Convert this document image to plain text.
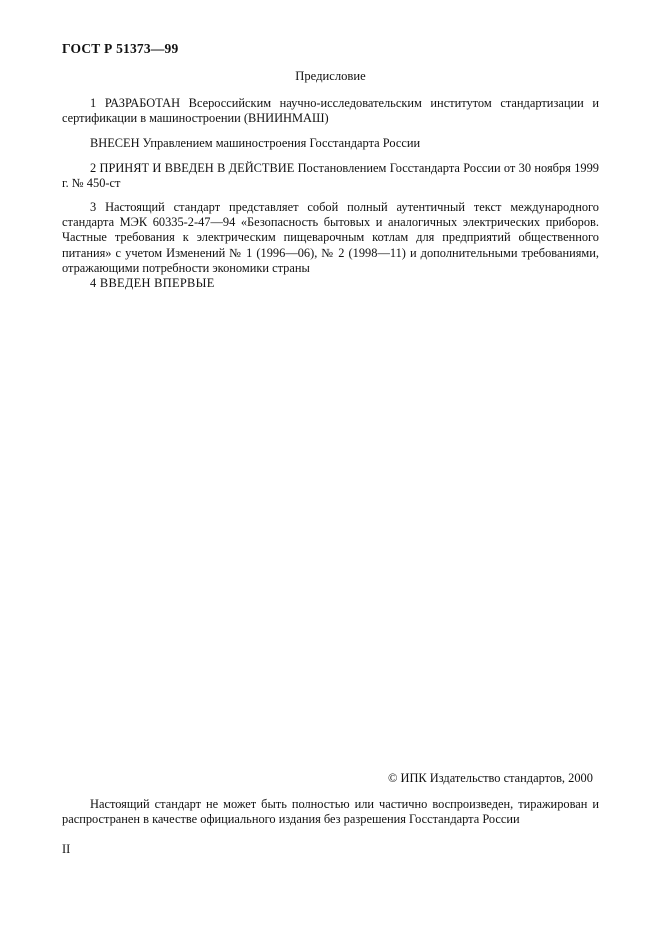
ГОСТ Р 51373—99
Предисловие

1 РАЗРАБОТАН Всероссийским научно-исследовательским институтом стандартизации и сертификации в машиностроении (ВНИИНМАШ)

ВНЕСЕН Управлением машиностроения Госстандарта России

2 ПРИНЯТ И ВВЕДЕН В ДЕЙСТВИЕ Постановлением Госстандарта России от 30 ноября 1999 г. № 450-ст

3 Настоящий стандарт представляет собой полный аутентичный текст международного стандарта МЭК 60335-2-47—94 «Безопасность бытовых и аналогичных электрических приборов. Частные требования к электрическим пищеварочным котлам для предприятий общественного питания» с учетом Изменений № 1 (1996—06), № 2 (1998—11) и дополнительными требованиями, отражающими потребности экономики страны

4 ВВЕДЕН ВПЕРВЫЕ

© ИПК Издательство стандартов, 2000

Настоящий стандарт не может быть полностью или частично воспроизведен, тиражирован и распространен в качестве официального издания без разрешения Госстандарта России

II
